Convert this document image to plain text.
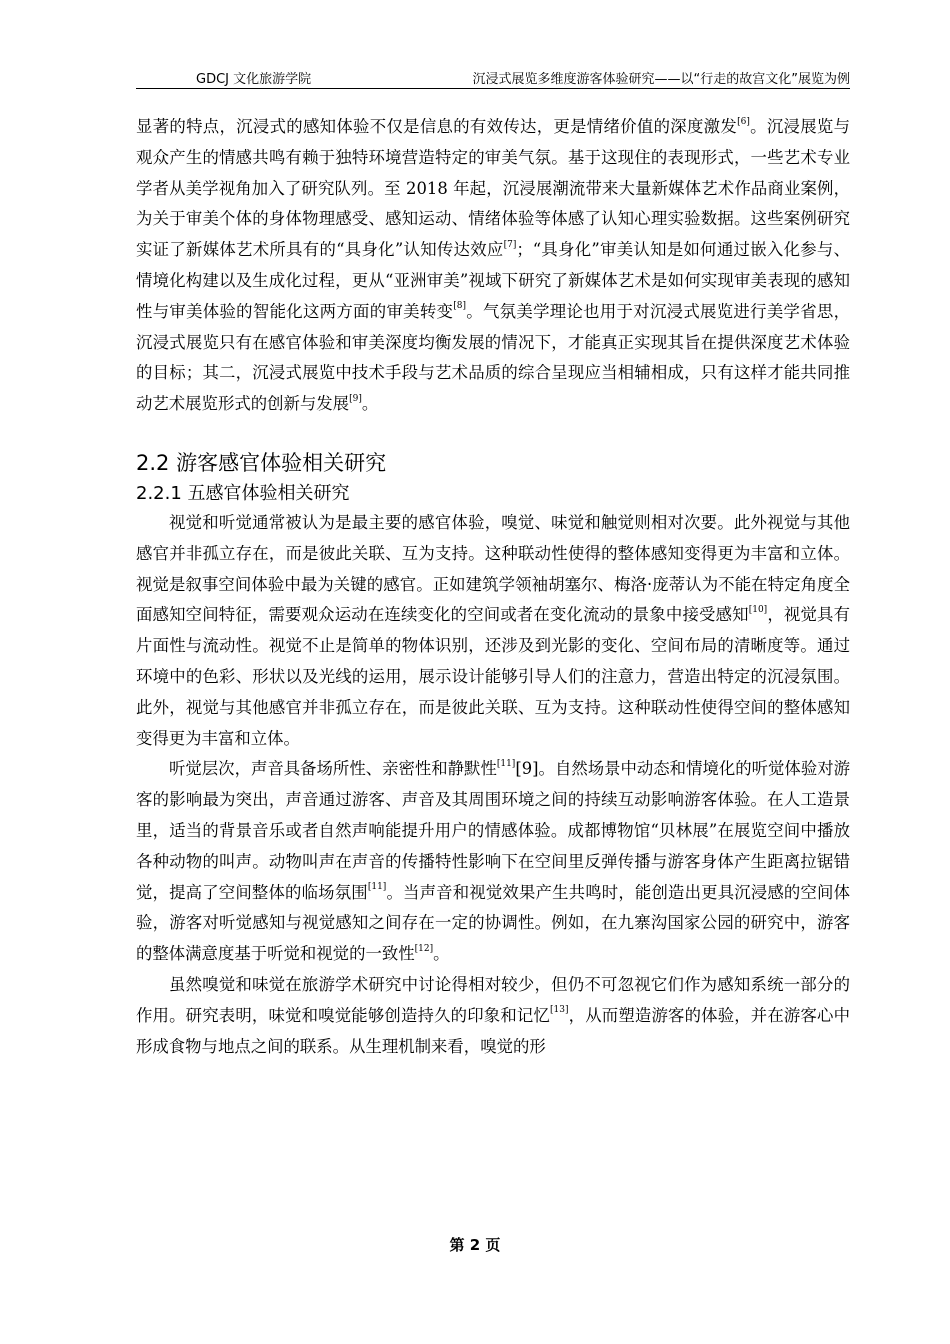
GDCJ 文化旅游学院	沉浸式展览多维度游客体验研究——以“行走的故宫文化”展览为例

显著的特点，沉浸式的感知体验不仅是信息的有效传达，更是情绪价值的深度激发[6]。沉浸展览与观众产生的情感共鸣有赖于独特环境营造特定的审美气氛。基于这现住的表现形式，一些艺术专业学者从美学视角加入了研究队列。至 2018 年起，沉浸展潮流带来大量新媒体艺术作品商业案例，为关于审美个体的身体物理感受、感知运动、情绪体验等体感了认知心理实验数据。这些案例研究实证了新媒体艺术所具有的“具身化”认知传达效应[7]；“具身化”审美认知是如何通过嵌入化参与、情境化构建以及生成化过程，更从“亚洲审美”视域下研究了新媒体艺术是如何实现审美表现的感知性与审美体验的智能化这两方面的审美转变[8]。气氛美学理论也用于对沉浸式展览进行美学省思，沉浸式展览只有在感官体验和审美深度均衡发展的情况下，才能真正实现其旨在提供深度艺术体验的目标；其二，沉浸式展览中技术手段与艺术品质的综合呈现应当相辅相成，只有这样才能共同推动艺术展览形式的创新与发展[9]。

2.2 游客感官体验相关研究
2.2.1 五感官体验相关研究

视觉和听觉通常被认为是最主要的感官体验，嗅觉、味觉和触觉则相对次要。此外视觉与其他感官并非孤立存在，而是彼此关联、互为支持。这种联动性使得的整体感知变得更为丰富和立体。视觉是叙事空间体验中最为关键的感官。正如建筑学领袖胡塞尔、梅洛·庞蒂认为不能在特定角度全面感知空间特征，需要观众运动在连续变化的空间或者在变化流动的景象中接受感知[10]，视觉具有片面性与流动性。视觉不止是简单的物体识别，还涉及到光影的变化、空间布局的清晰度等。通过环境中的色彩、形状以及光线的运用，展示设计能够引导人们的注意力，营造出特定的沉浸氛围。此外，视觉与其他感官并非孤立存在，而是彼此关联、互为支持。这种联动性使得空间的整体感知变得更为丰富和立体。

听觉层次，声音具备场所性、亲密性和静默性[11][9]。自然场景中动态和情境化的听觉体验对游客的影响最为突出，声音通过游客、声音及其周围环境之间的持续互动影响游客体验。在人工造景里，适当的背景音乐或者自然声响能提升用户的情感体验。成都博物馆“贝林展”在展览空间中播放各种动物的叫声。动物叫声在声音的传播特性影响下在空间里反弹传播与游客身体产生距离拉锯错觉，提高了空间整体的临场氛围[11]。当声音和视觉效果产生共鸣时，能创造出更具沉浸感的空间体验，游客对听觉感知与视觉感知之间存在一定的协调性。例如，在九寨沟国家公园的研究中，游客的整体满意度基于听觉和视觉的一致性[12]。

虽然嗅觉和味觉在旅游学术研究中讨论得相对较少，但仍不可忽视它们作为感知系统一部分的作用。研究表明，味觉和嗅觉能够创造持久的印象和记忆[13]，从而塑造游客的体验，并在游客心中形成食物与地点之间的联系。从生理机制来看，嗅觉的形

第 2 页
